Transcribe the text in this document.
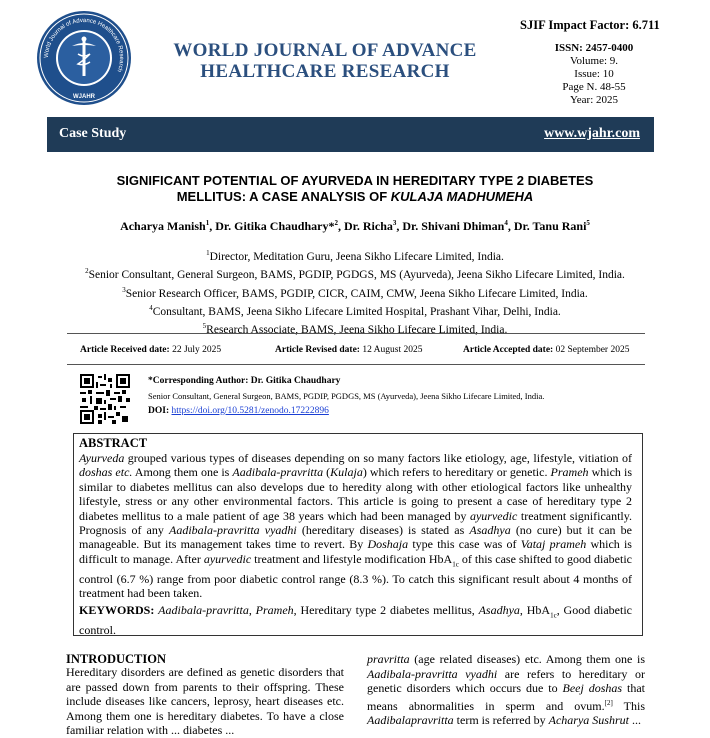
World Journal of Advance Healthcare Research
WJAHR
WORLD JOURNAL OF ADVANCE
HEALTHCARE RESEARCH
SJIF Impact Factor: 6.711
ISSN: 2457-0400
Volume: 9.
Issue: 10
Page N. 48-55
Year: 2025
Case Study	www.wjahr.com
SIGNIFICANT POTENTIAL OF AYURVEDA IN HEREDITARY TYPE 2 DIABETES
MELLITUS: A CASE ANALYSIS OF KULAJA MADHUMEHA
Acharya Manish$^1$, Dr. Gitika Chaudhary*$^2$, Dr. Richa$^3$, Dr. Shivani Dhiman$^4$, Dr. Tanu Rani$^5$
$^1$Director, Meditation Guru, Jeena Sikho Lifecare Limited, India.
$^2$Senior Consultant, General Surgeon, BAMS, PGDIP, PGDGS, MS (Ayurveda), Jeena Sikho Lifecare Limited, India.
$^3$Senior Research Officer, BAMS, PGDIP, CICR, CAIM, CMW, Jeena Sikho Lifecare Limited, India.
$^4$Consultant, BAMS, Jeena Sikho Lifecare Limited Hospital, Prashant Vihar, Delhi, India.
$^5$Research Associate, BAMS, Jeena Sikho Lifecare Limited, India.
Article Received date: 22 July 2025	Article Revised date: 12 August 2025	Article Accepted date: 02 September 2025
*Corresponding Author: Dr. Gitika Chaudhary
Senior Consultant, General Surgeon, BAMS, PGDIP, PGDGS, MS (Ayurveda), Jeena Sikho Lifecare Limited, India.
DOI: https://doi.org/10.5281/zenodo.17222896
ABSTRACT
Ayurveda grouped various types of diseases depending on so many factors like etiology, age, lifestyle, vitiation of doshas etc. Among them one is Aadibala-pravritta (Kulaja) which refers to hereditary or genetic. Prameh which is similar to diabetes mellitus can also develops due to heredity along with other etiological factors like unhealthy lifestyle, stress or any other environmental factors. This article is going to present a case of hereditary type 2 diabetes mellitus to a male patient of age 38 years which had been managed by ayurvedic treatment significantly. Prognosis of any Aadibala-pravritta vyadhi (hereditary diseases) is stated as Asadhya (no cure) but it can be manageable. But its management takes time to revert. By Doshaja type this case was of Vataj prameh which is difficult to manage. After ayurvedic treatment and lifestyle modification HbA$_{1c}$ of this case shifted to good diabetic control (6.7 %) range from poor diabetic control range (8.3 %). To catch this significant result about 4 months of treatment had been taken.
KEYWORDS: Aadibala-pravritta, Prameh, Hereditary type 2 diabetes mellitus, Asadhya, HbA$_{1c}$, Good diabetic control.
INTRODUCTION
Hereditary disorders are defined as genetic disorders that are passed down from parents to their offspring. These include diseases like cancers, leprosy, heart diseases etc. Among them one is hereditary diabetes. To have a close familiar relation with ... diabetes ...
pravritta (age related diseases) etc. Among them one is Aadibala-pravritta vyadhi are refers to hereditary or genetic disorders which occurs due to Beej doshas that means abnormalities in sperm and ovum.[2] This Aadibalapravritta term is referred by Acharya Sushrut ...
